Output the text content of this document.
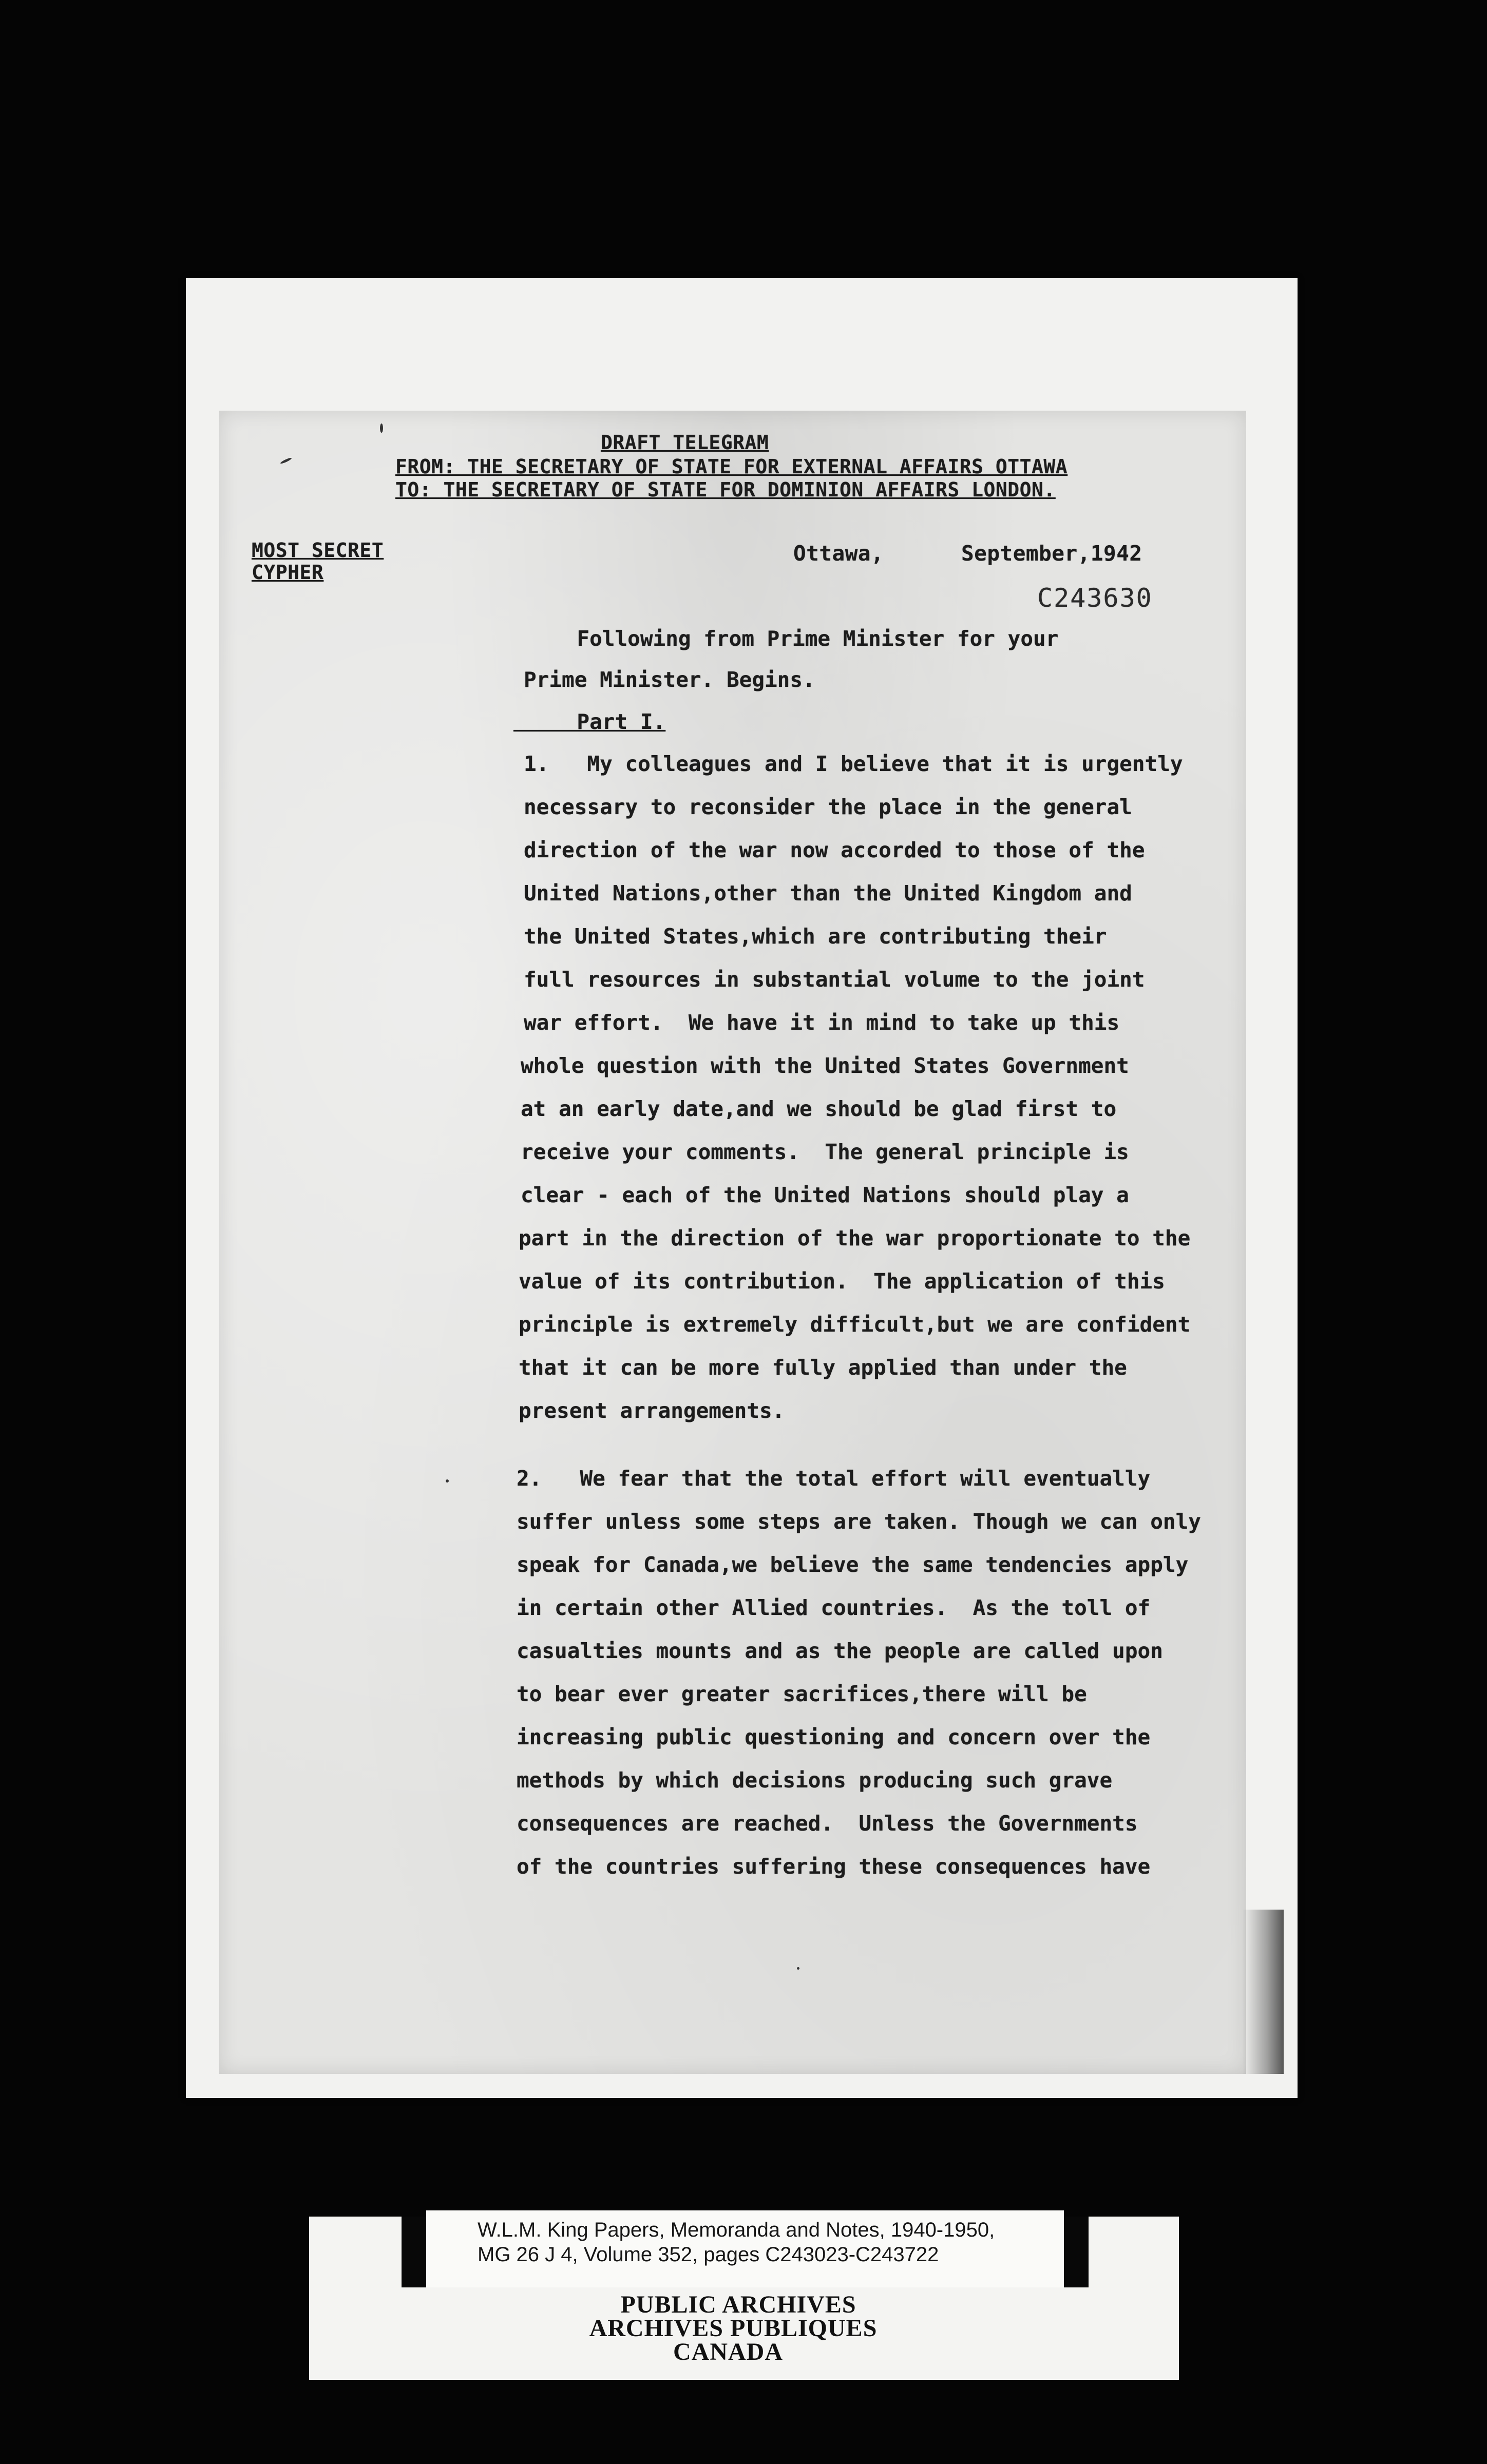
DRAFT TELEGRAM
FROM: THE SECRETARY OF STATE FOR EXTERNAL AFFAIRS OTTAWA
TO: THE SECRETARY OF STATE FOR DOMINION AFFAIRS LONDON.
MOST SECRET
CYPHER
Ottawa,	September,1942
C243630
Following from Prime Minister for your
Prime Minister. Begins.
Part I.
1.   My colleagues and I believe that it is urgently
necessary to reconsider the place in the general
direction of the war now accorded to those of the
United Nations,other than the United Kingdom and
the United States,which are contributing their
full resources in substantial volume to the joint
war effort.  We have it in mind to take up this
whole question with the United States Government
at an early date,and we should be glad first to
receive your comments.  The general principle is
clear - each of the United Nations should play a
part in the direction of the war proportionate to the
value of its contribution.  The application of this
principle is extremely difficult,but we are confident
that it can be more fully applied than under the
present arrangements.
2.   We fear that the total effort will eventually
suffer unless some steps are taken. Though we can only
speak for Canada,we believe the same tendencies apply
in certain other Allied countries.  As the toll of
casualties mounts and as the people are called upon
to bear ever greater sacrifices,there will be
increasing public questioning and concern over the
methods by which decisions producing such grave
consequences are reached.  Unless the Governments
of the countries suffering these consequences have
W.L.M. King Papers, Memoranda and Notes, 1940-1950,
MG 26 J 4, Volume 352, pages C243023-C243722
PUBLIC ARCHIVES
ARCHIVES PUBLIQUES
CANADA
